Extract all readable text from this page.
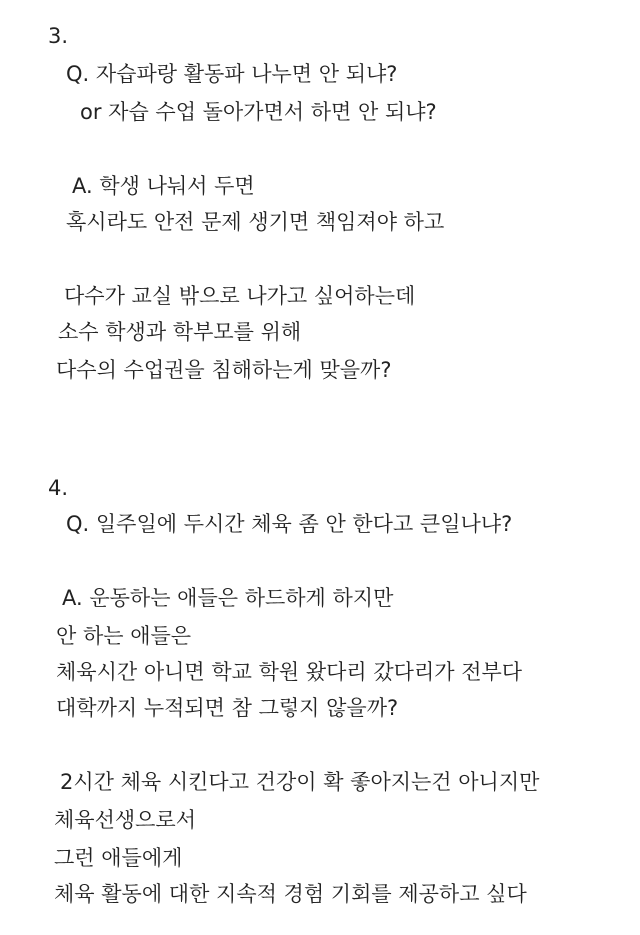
3.
Q. 자습파랑 활동파 나누면 안 되냐?
or 자습 수업 돌아가면서 하면 안 되냐?
A. 학생 나눠서 두면
혹시라도 안전 문제 생기면 책임져야 하고
다수가 교실 밖으로 나가고 싶어하는데
소수 학생과 학부모를 위해
다수의 수업권을 침해하는게 맞을까?
4.
Q. 일주일에 두시간 체육 좀 안 한다고 큰일나냐?
A. 운동하는 애들은 하드하게 하지만
안 하는 애들은
체육시간 아니면 학교 학원 왔다리 갔다리가 전부다
대학까지 누적되면 참 그렇지 않을까?
2시간 체육 시킨다고 건강이 확 좋아지는건 아니지만
체육선생으로서
그런 애들에게
체육 활동에 대한 지속적 경험 기회를 제공하고 싶다
